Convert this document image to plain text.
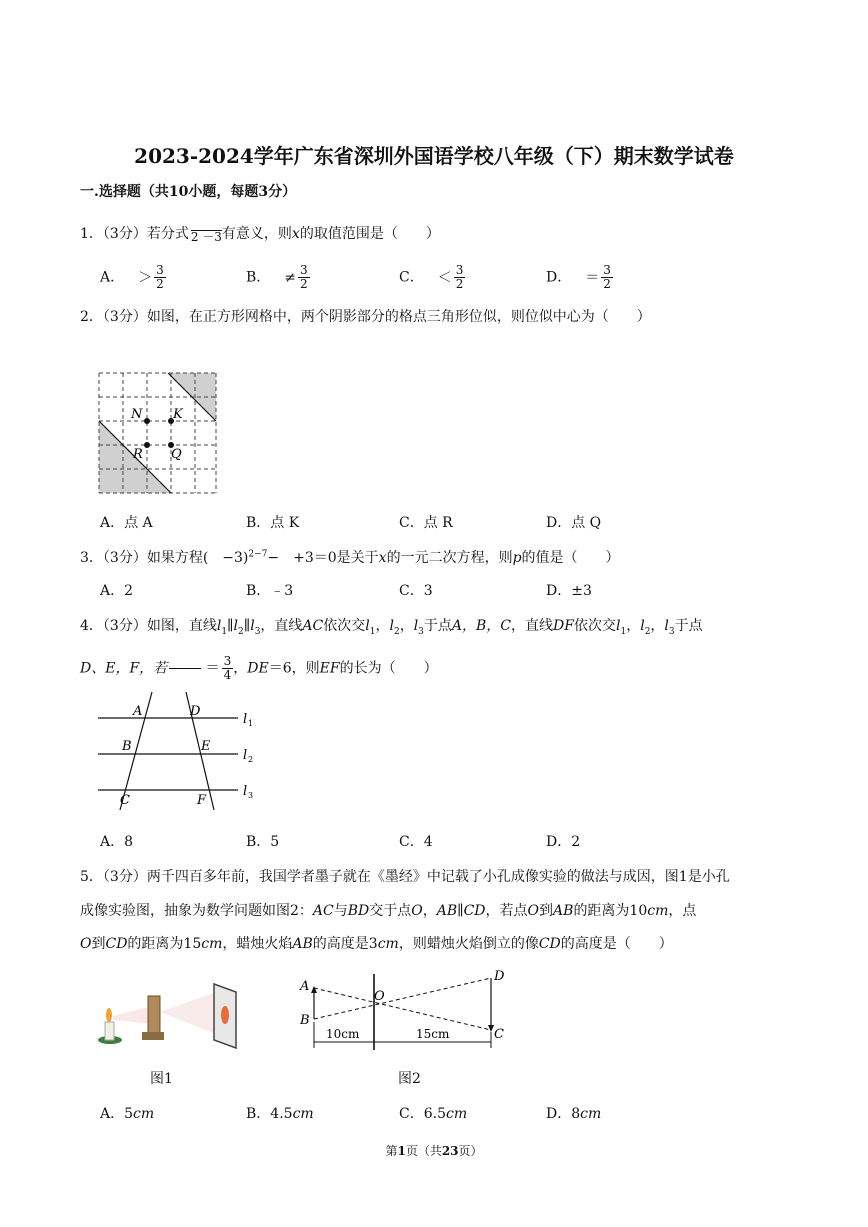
2023-2024学年广东省深圳外国语学校八年级（下）期末数学试卷
一.选择题（共10小题，每题3分）
1．（3分）若分式 2 －3 有意义，则x的取值范围是（　　）
A． ＞ $\frac{3}{2}$	B． ≠ $\frac{3}{2}$	C． ＜ $\frac{3}{2}$	D． ＝ $\frac{3}{2}$
2．（3分）如图，在正方形网格中，两个阴影部分的格点三角形位似，则位似中心为（　　）
N K
R Q
A．点 A	B．点 K	C．点 R	D．点 Q
3．（3分）如果方程(　−3)$^{2-7}$−　+3＝0是关于x的一元二次方程，则p的值是（　　）
A．2	B．﹣3	C．3	D．±3
4．（3分）如图，直线$l_1\parallel l_2\parallel l_3$，直线AC依次交$l_1$，$l_2$，$l_3$于点A，B，C，直线DF依次交$l_1$，$l_2$，$l_3$于点
D、E，F，若
＝ $\frac{3}{4}$ ，DE＝6，则EF的长为（　　）
A	D
B	E
C	F
l 1
l 2
l 3
A．8	B．5	C．4	D．2
5．（3分）两千四百多年前，我国学者墨子就在《墨经》中记载了小孔成像实验的做法与成因，图1是小孔
成像实验图，抽象为数学问题如图2：AC与BD交于点O，AB∥CD，若点O到AB的距离为10cm，点
O到CD的距离为15cm，蜡烛火焰AB的高度是3cm，则蜡烛火焰倒立的像CD的高度是（　　）
图1
A
B
O
D
C
10cm	15cm
图2
A．5cm	B．4.5cm	C．6.5cm	D．8cm
第1页（共23页）
